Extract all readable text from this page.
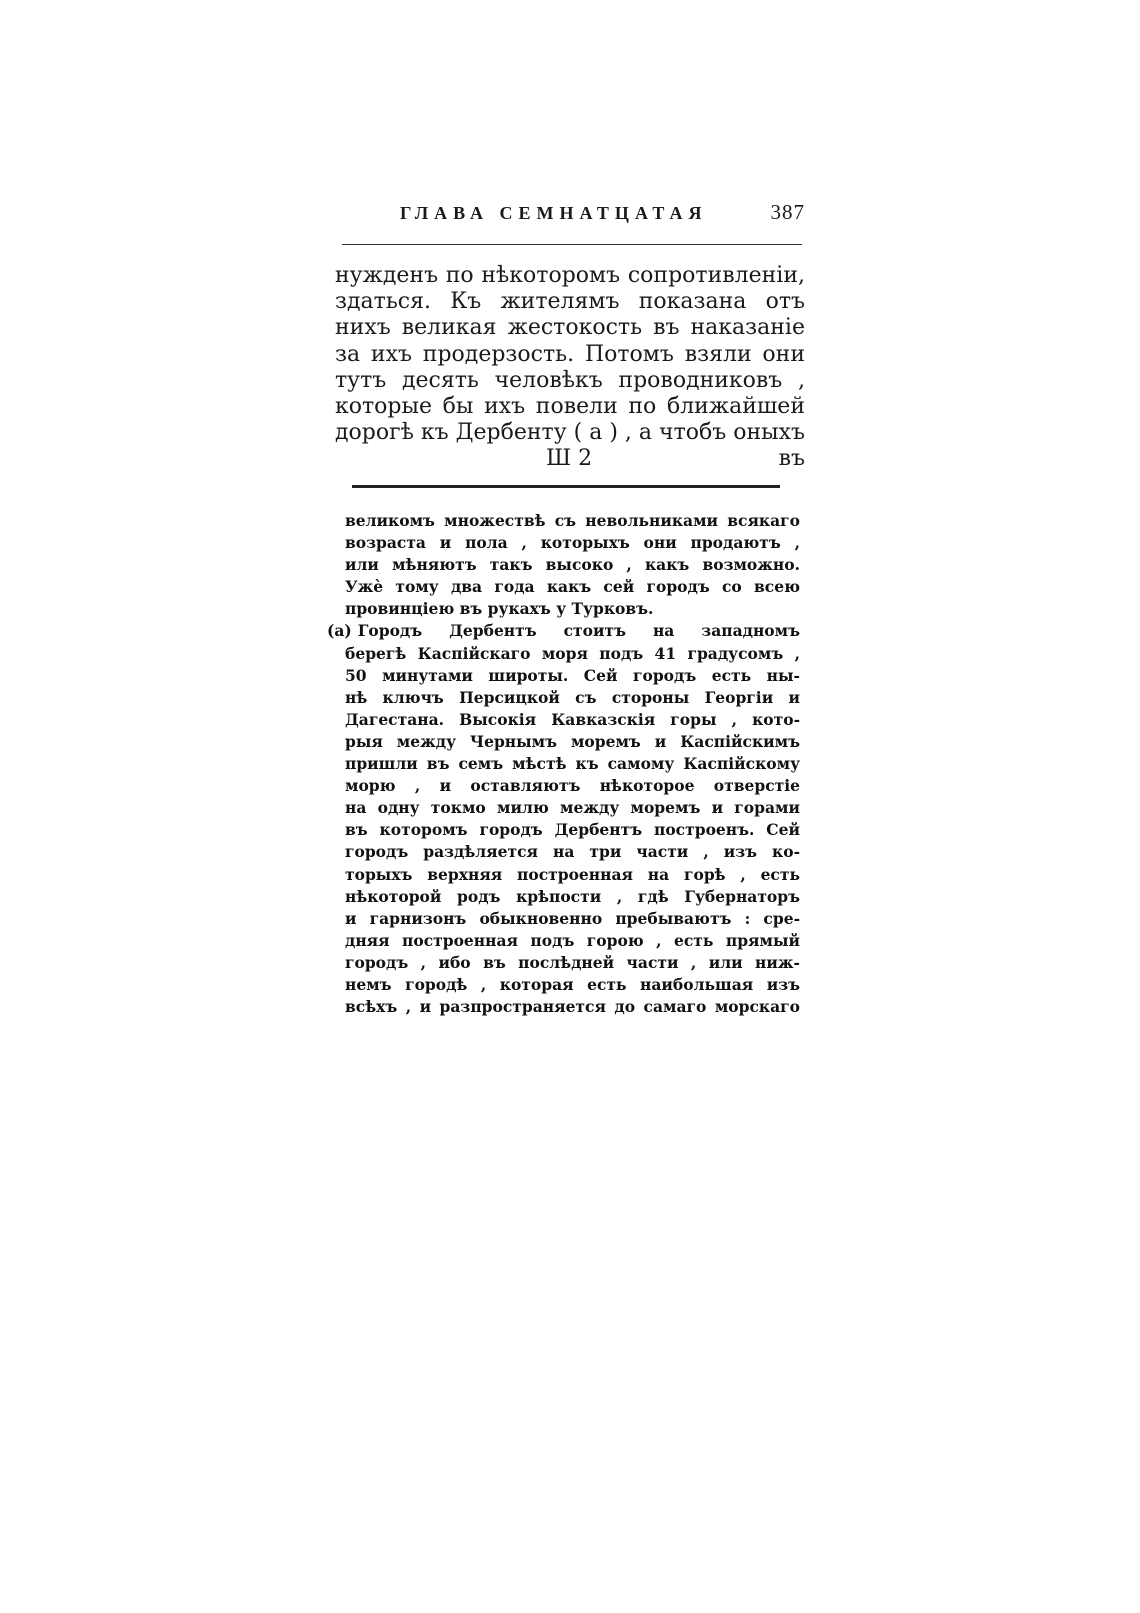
ГЛАВА СЕМНАТЦАТАЯ	387
нужденъ по нѣкоторомъ сопротивленіи,
здаться. Къ жителямъ показана отъ
нихъ великая жестокость въ наказаніе
за ихъ продерзость. Потомъ взяли они
тутъ десять человѣкъ проводниковъ ,
которые бы ихъ повели по ближайшей
дорогѣ къ Дербенту ( а ) , а чтобъ оныхъ
Ш 2	въ
великомъ множествѣ съ невольниками всякаго
возраста и пола , которыхъ они продаютъ ,
или мѣняютъ такъ высоко , какъ возможно.
Ужè тому два года какъ сей городъ со всею
провинціею въ рукахъ у Турковъ.
(а) Городъ Дербентъ стоитъ на западномъ
берегѣ Каспійскаго моря подъ 41 градусомъ ,
50 минутами широты. Сей городъ есть ны-
нѣ ключъ Персицкой съ стороны Георгіи и
Дагестана. Высокія Кавказскія горы , кото-
рыя между Чернымъ моремъ и Каспійскимъ
пришли въ семъ мѣстѣ къ самому Каспійскому
морю , и оставляютъ нѣкоторое отверстіе
на одну токмо милю между моремъ и горами
въ которомъ городъ Дербентъ построенъ. Сей
городъ раздѣляется на три части , изъ ко-
торыхъ верхняя построенная на горѣ , есть
нѣкоторой родъ крѣпости , гдѣ Губернаторъ
и гарнизонъ обыкновенно пребываютъ : сре-
дняя построенная подъ горою , есть прямый
городъ , ибо въ послѣдней части , или ниж-
немъ городѣ , которая есть наибольшая изъ
всѣхъ , и разпространяется до самаго морскаго
